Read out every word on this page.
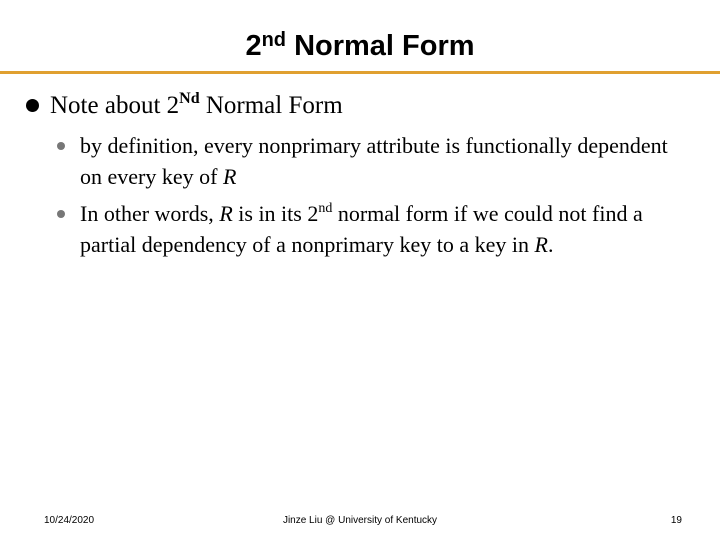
2nd Normal Form
Note about 2Nd Normal Form
by definition, every nonprimary attribute is functionally dependent on every key of R
In other words, R is in its 2nd normal form if we could not find a partial dependency of a nonprimary key to a key in R.
10/24/2020	Jinze Liu @ University of Kentucky	19
